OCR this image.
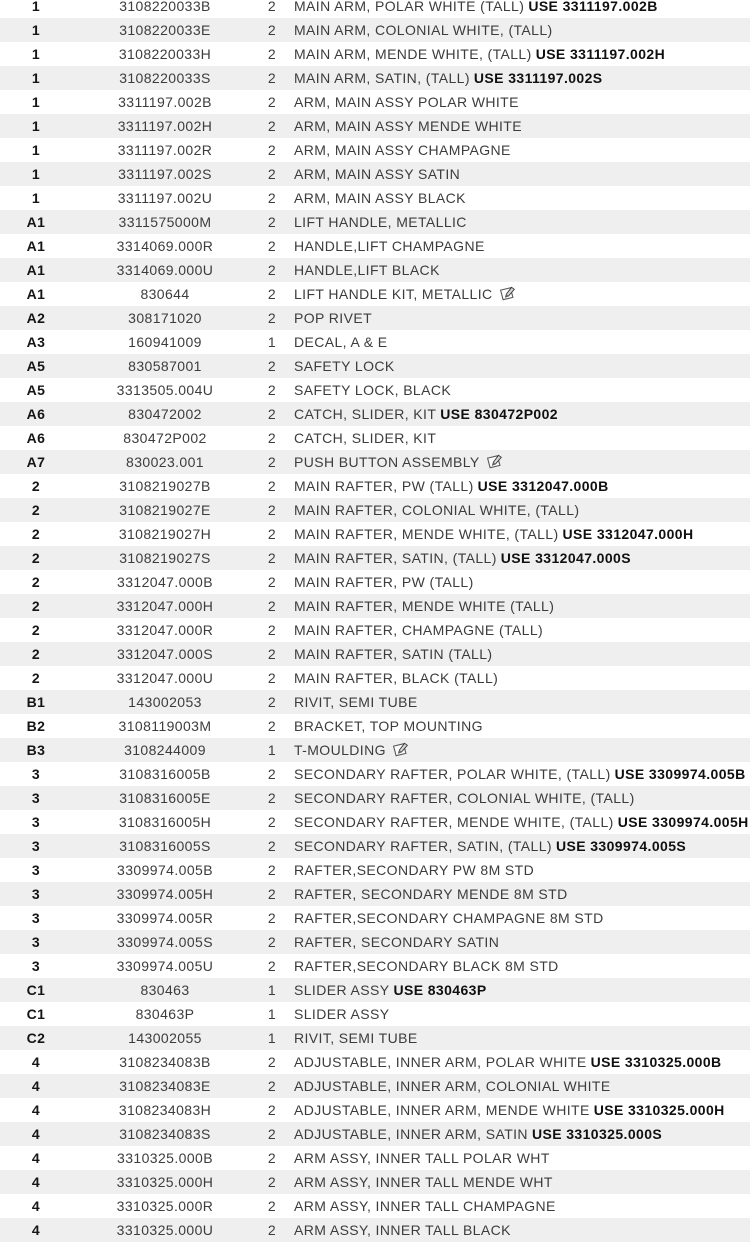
1	3108220033B	2	MAIN ARM, POLAR WHITE (TALL) USE 3311197.002B
1	3108220033E	2	MAIN ARM, COLONIAL WHITE, (TALL)
1	3108220033H	2	MAIN ARM, MENDE WHITE, (TALL) USE 3311197.002H
1	3108220033S	2	MAIN ARM, SATIN, (TALL) USE 3311197.002S
1	3311197.002B	2	ARM, MAIN ASSY POLAR WHITE
1	3311197.002H	2	ARM, MAIN ASSY MENDE WHITE
1	3311197.002R	2	ARM, MAIN ASSY CHAMPAGNE
1	3311197.002S	2	ARM, MAIN ASSY SATIN
1	3311197.002U	2	ARM, MAIN ASSY BLACK
A1	3311575000M	2	LIFT HANDLE, METALLIC
A1	3314069.000R	2	HANDLE,LIFT CHAMPAGNE
A1	3314069.000U	2	HANDLE,LIFT BLACK
A1	830644	2	LIFT HANDLE KIT, METALLIC
A2	308171020	2	POP RIVET
A3	160941009	1	DECAL, A & E
A5	830587001	2	SAFETY LOCK
A5	3313505.004U	2	SAFETY LOCK, BLACK
A6	830472002	2	CATCH, SLIDER, KIT USE 830472P002
A6	830472P002	2	CATCH, SLIDER, KIT
A7	830023.001	2	PUSH BUTTON ASSEMBLY
2	3108219027B	2	MAIN RAFTER, PW (TALL) USE 3312047.000B
2	3108219027E	2	MAIN RAFTER, COLONIAL WHITE, (TALL)
2	3108219027H	2	MAIN RAFTER, MENDE WHITE, (TALL) USE 3312047.000H
2	3108219027S	2	MAIN RAFTER, SATIN, (TALL) USE 3312047.000S
2	3312047.000B	2	MAIN RAFTER, PW (TALL)
2	3312047.000H	2	MAIN RAFTER, MENDE WHITE (TALL)
2	3312047.000R	2	MAIN RAFTER, CHAMPAGNE (TALL)
2	3312047.000S	2	MAIN RAFTER, SATIN (TALL)
2	3312047.000U	2	MAIN RAFTER, BLACK (TALL)
B1	143002053	2	RIVIT, SEMI TUBE
B2	3108119003M	2	BRACKET, TOP MOUNTING
B3	3108244009	1	T-MOULDING
3	3108316005B	2	SECONDARY RAFTER, POLAR WHITE, (TALL) USE 3309974.005B
3	3108316005E	2	SECONDARY RAFTER, COLONIAL WHITE, (TALL)
3	3108316005H	2	SECONDARY RAFTER, MENDE WHITE, (TALL) USE 3309974.005H
3	3108316005S	2	SECONDARY RAFTER, SATIN, (TALL) USE 3309974.005S
3	3309974.005B	2	RAFTER,SECONDARY PW 8M STD
3	3309974.005H	2	RAFTER, SECONDARY MENDE 8M STD
3	3309974.005R	2	RAFTER,SECONDARY CHAMPAGNE 8M STD
3	3309974.005S	2	RAFTER, SECONDARY SATIN
3	3309974.005U	2	RAFTER,SECONDARY BLACK 8M STD
C1	830463	1	SLIDER ASSY USE 830463P
C1	830463P	1	SLIDER ASSY
C2	143002055	1	RIVIT, SEMI TUBE
4	3108234083B	2	ADJUSTABLE, INNER ARM, POLAR WHITE USE 3310325.000B
4	3108234083E	2	ADJUSTABLE, INNER ARM, COLONIAL WHITE
4	3108234083H	2	ADJUSTABLE, INNER ARM, MENDE WHITE USE 3310325.000H
4	3108234083S	2	ADJUSTABLE, INNER ARM, SATIN USE 3310325.000S
4	3310325.000B	2	ARM ASSY, INNER TALL POLAR WHT
4	3310325.000H	2	ARM ASSY, INNER TALL MENDE WHT
4	3310325.000R	2	ARM ASSY, INNER TALL CHAMPAGNE
4	3310325.000U	2	ARM ASSY, INNER TALL BLACK
